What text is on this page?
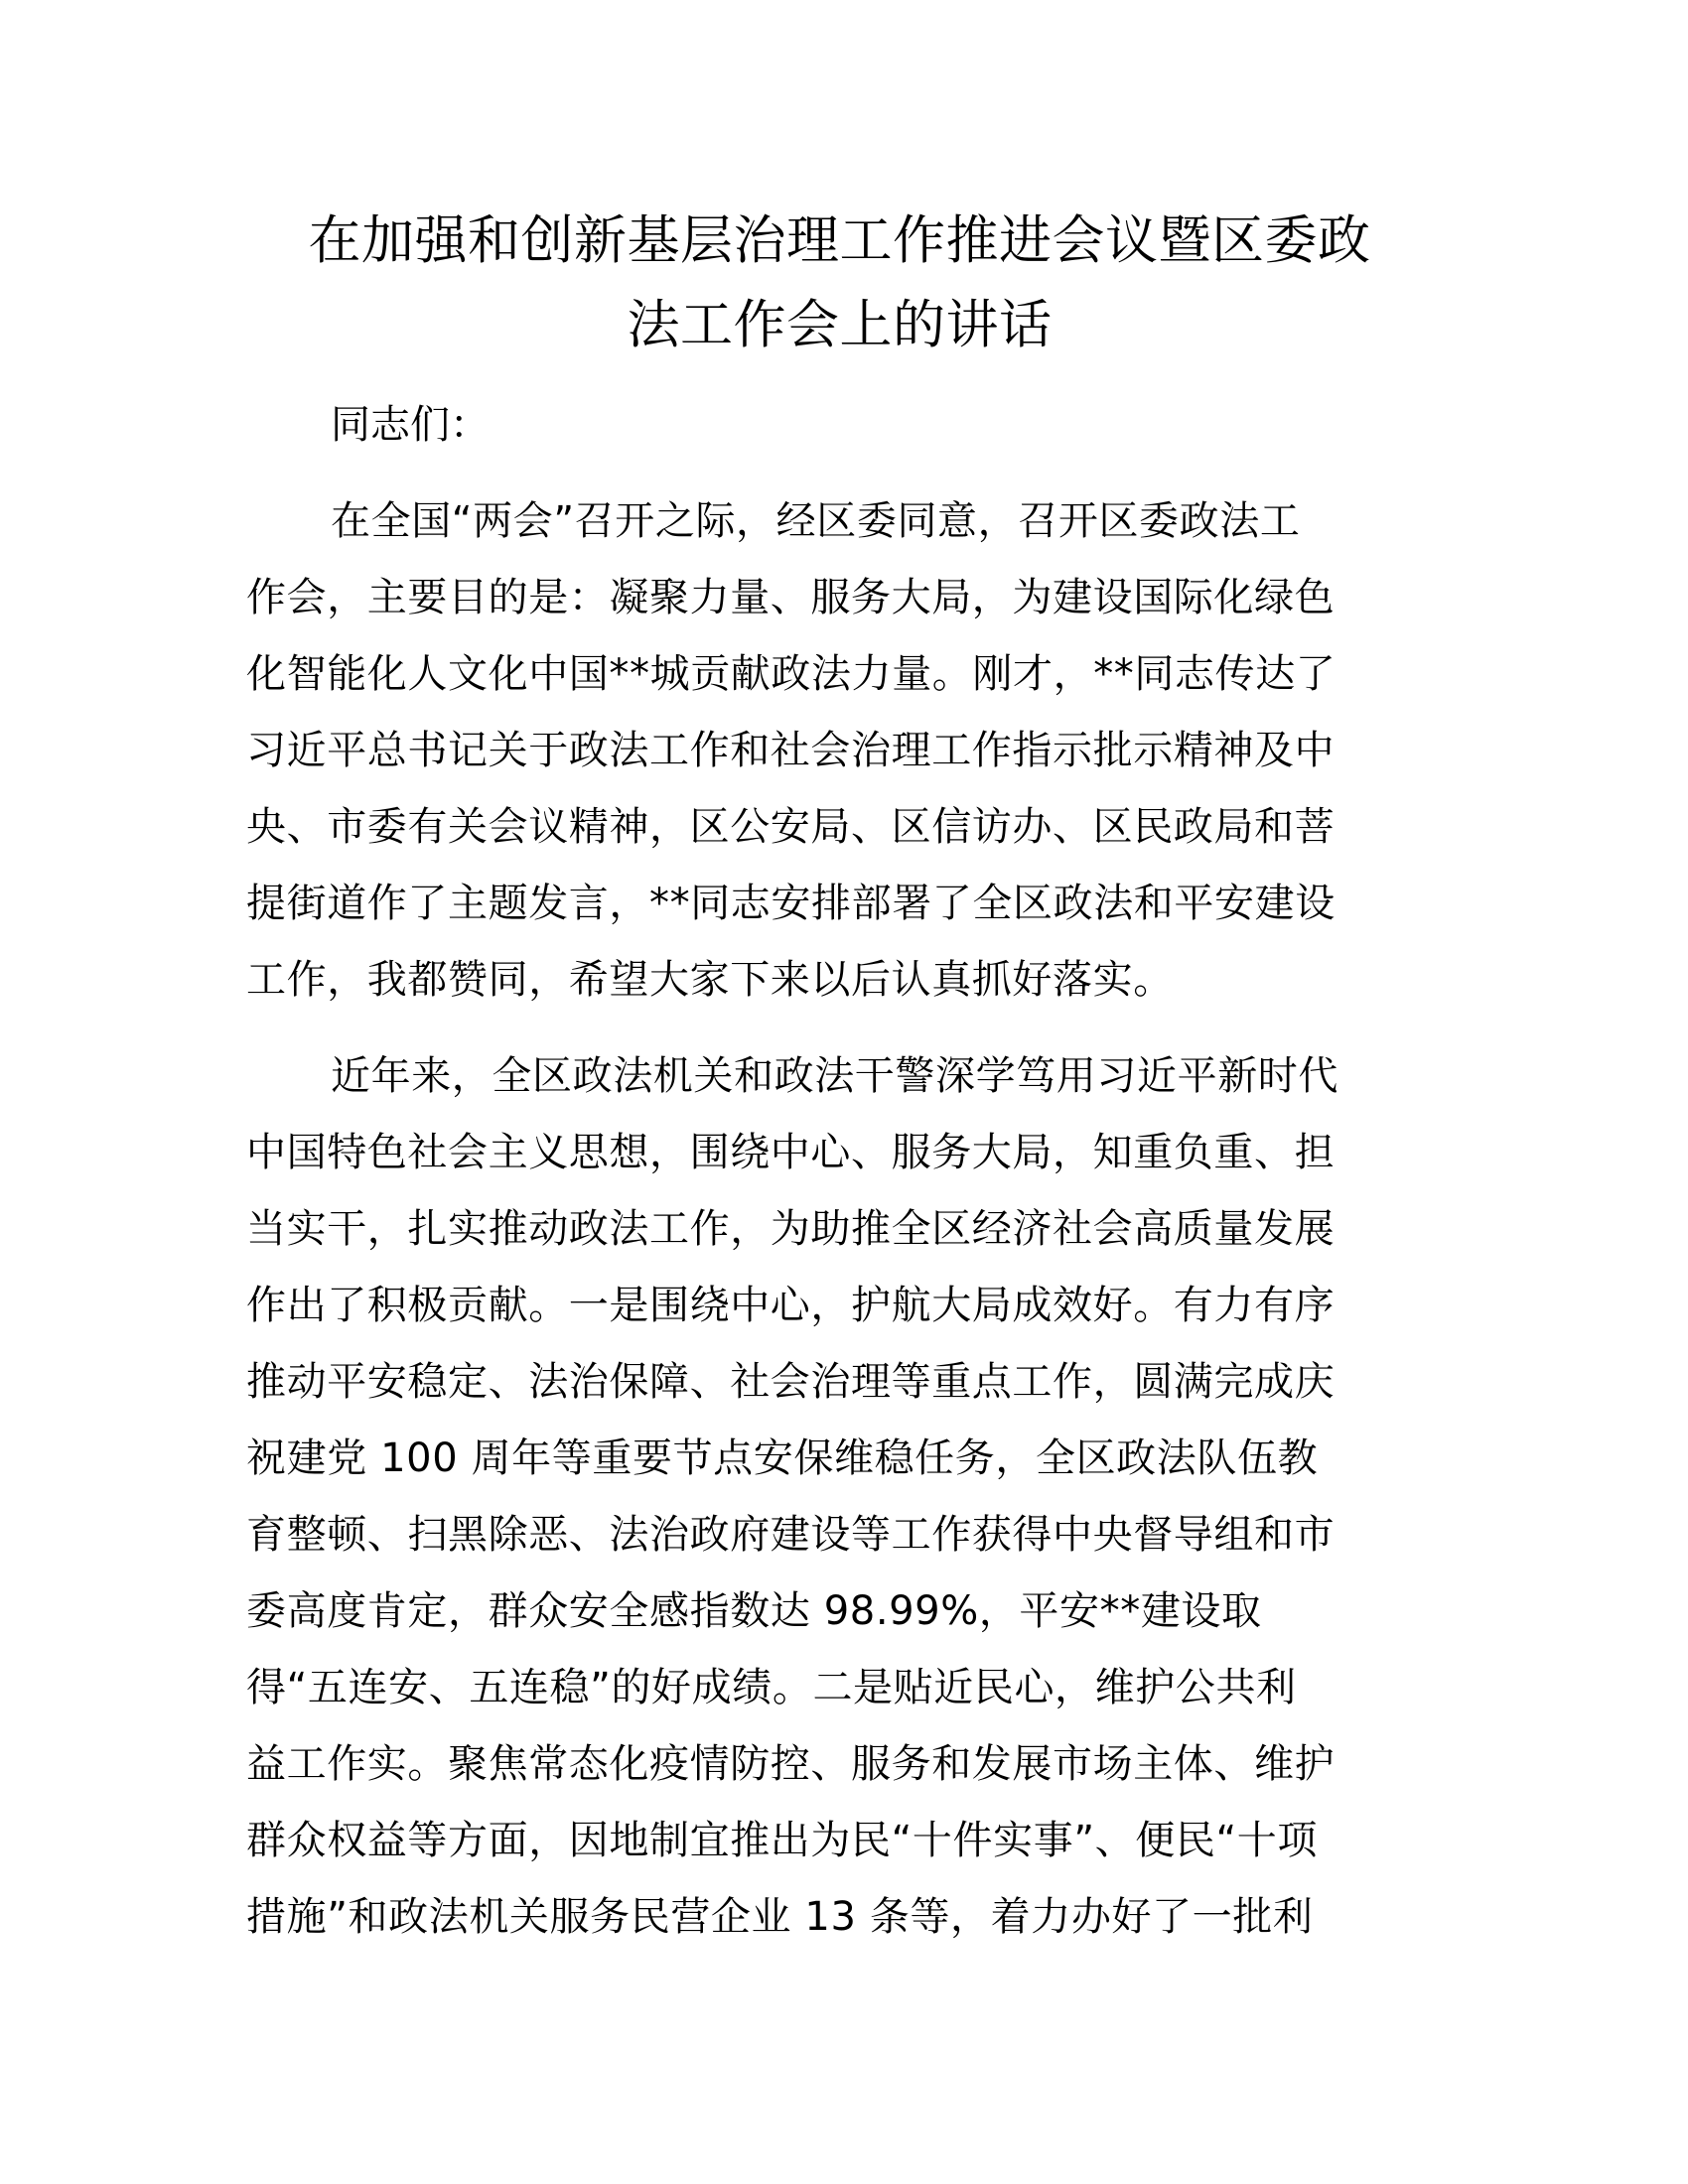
在加强和创新基层治理工作推进会议暨区委政
法工作会上的讲话

同志们：

在全国“两会”召开之际，经区委同意，召开区委政法工
作会，主要目的是：凝聚力量、服务大局，为建设国际化绿色
化智能化人文化中国**城贡献政法力量。刚才，**同志传达了
习近平总书记关于政法工作和社会治理工作指示批示精神及中
央、市委有关会议精神，区公安局、区信访办、区民政局和菩
提街道作了主题发言，**同志安排部署了全区政法和平安建设
工作，我都赞同，希望大家下来以后认真抓好落实。
近年来，全区政法机关和政法干警深学笃用习近平新时代
中国特色社会主义思想，围绕中心、服务大局，知重负重、担
当实干，扎实推动政法工作，为助推全区经济社会高质量发展
作出了积极贡献。一是围绕中心，护航大局成效好。有力有序
推动平安稳定、法治保障、社会治理等重点工作，圆满完成庆
祝建党 100 周年等重要节点安保维稳任务，全区政法队伍教
育整顿、扫黑除恶、法治政府建设等工作获得中央督导组和市
委高度肯定，群众安全感指数达 98.99%，平安**建设取
得“五连安、五连稳”的好成绩。二是贴近民心，维护公共利
益工作实。聚焦常态化疫情防控、服务和发展市场主体、维护
群众权益等方面，因地制宜推出为民“十件实事”、便民“十项
措施”和政法机关服务民营企业 13 条等，着力办好了一批利
